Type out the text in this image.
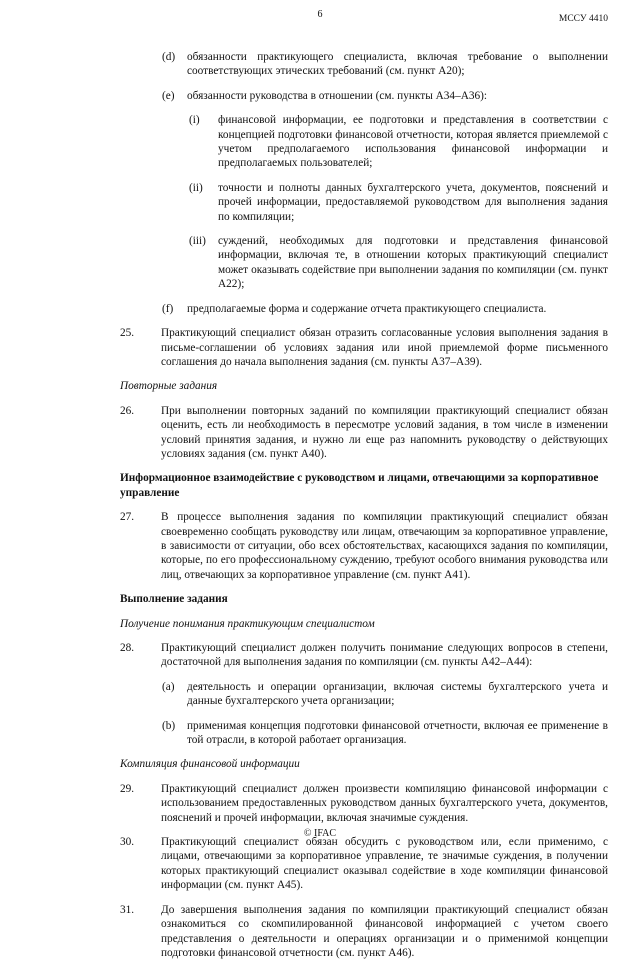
6	МССУ 4410
(d)	обязанности практикующего специалиста, включая требование о выполнении соответствующих этических требований (см. пункт A20);
(e)	обязанности руководства в отношении (см. пункты A34–A36):
(i)	финансовой информации, ее подготовки и представления в соответствии с концепцией подготовки финансовой отчетности, которая является приемлемой с учетом предполагаемого использования финансовой информации и предполагаемых пользователей;
(ii)	точности и полноты данных бухгалтерского учета, документов, пояснений и прочей информации, предоставляемой руководством для выполнения задания по компиляции;
(iii)	суждений, необходимых для подготовки и представления финансовой информации, включая те, в отношении которых практикующий специалист может оказывать содействие при выполнении задания по компиляции (см. пункт A22);
(f)	предполагаемые форма и содержание отчета практикующего специалиста.
25.	Практикующий специалист обязан отразить согласованные условия выполнения задания в письме-соглашении об условиях задания или иной приемлемой форме письменного соглашения до начала выполнения задания (см. пункты A37–A39).
Повторные задания
26.	При выполнении повторных заданий по компиляции практикующий специалист обязан оценить, есть ли необходимость в пересмотре условий задания, в том числе в изменении условий принятия задания, и нужно ли еще раз напомнить руководству о действующих условиях задания (см. пункт A40).
Информационное взаимодействие с руководством и лицами, отвечающими за корпоративное управление
27.	В процессе выполнения задания по компиляции практикующий специалист обязан своевременно сообщать руководству или лицам, отвечающим за корпоративное управление, в зависимости от ситуации, обо всех обстоятельствах, касающихся задания по компиляции, которые, по его профессиональному суждению, требуют особого внимания руководства или лиц, отвечающих за корпоративное управление (см. пункт A41).
Выполнение задания
Получение понимания практикующим специалистом
28.	Практикующий специалист должен получить понимание следующих вопросов в степени, достаточной для выполнения задания по компиляции (см. пункты A42–A44):
(a)	деятельность и операции организации, включая системы бухгалтерского учета и данные бухгалтерского учета организации;
(b)	применимая концепция подготовки финансовой отчетности, включая ее применение в той отрасли, в которой работает организация.
Компиляция финансовой информации
29.	Практикующий специалист должен произвести компиляцию финансовой информации с использованием предоставленных руководством данных бухгалтерского учета, документов, пояснений и прочей информации, включая значимые суждения.
30.	Практикующий специалист обязан обсудить с руководством или, если применимо, с лицами, отвечающими за корпоративное управление, те значимые суждения, в получении которых практикующий специалист оказывал содействие в ходе компиляции финансовой информации (см. пункт A45).
31.	До завершения выполнения задания по компиляции практикующий специалист обязан ознакомиться со скомпилированной финансовой информацией с учетом своего представления о деятельности и операциях организации и о применимой концепции подготовки финансовой отчетности (см. пункт A46).
© IFAC
